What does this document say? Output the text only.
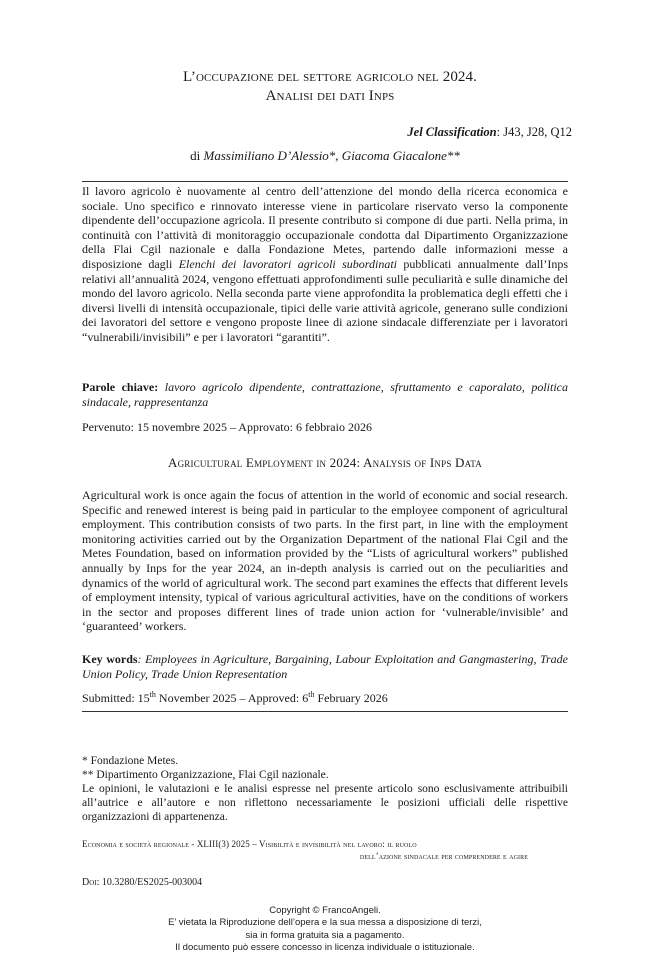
L’occupazione del settore agricolo nel 2024.
Analisi dei dati Inps
Jel Classification: J43, J28, Q12
di Massimiliano D’Alessio*, Giacoma Giacalone**
Il lavoro agricolo è nuovamente al centro dell’attenzione del mondo della ricerca economica e sociale. Uno specifico e rinnovato interesse viene in particolare riservato verso la componente dipendente dell’occupazione agricola. Il presente contributo si compone di due parti. Nella prima, in continuità con l’attività di monitoraggio occupazionale condotta dal Dipartimento Organizzazione della Flai Cgil nazionale e dalla Fondazione Metes, partendo dalle informazioni messe a disposizione dagli Elenchi dei lavoratori agricoli subordinati pubblicati annualmente dall’Inps relativi all’annualità 2024, vengono effettuati approfondimenti sulle peculiarità e sulle dinamiche del mondo del lavoro agricolo. Nella seconda parte viene approfondita la problematica degli effetti che i diversi livelli di intensità occupazionale, tipici delle varie attività agricole, generano sulle condizioni dei lavoratori del settore e vengono proposte linee di azione sindacale differenziate per i lavoratori “vulnerabili/invisibili” e per i lavoratori “garantiti”.
Parole chiave: lavoro agricolo dipendente, contrattazione, sfruttamento e caporalato, politica sindacale, rappresentanza
Pervenuto: 15 novembre 2025 – Approvato: 6 febbraio 2026
Agricultural Employment in 2024: Analysis of Inps Data
Agricultural work is once again the focus of attention in the world of economic and social research. Specific and renewed interest is being paid in particular to the employee component of agricultural employment. This contribution consists of two parts. In the first part, in line with the employment monitoring activities carried out by the Organization Department of the national Flai Cgil and the Metes Foundation, based on information provided by the “Lists of agricultural workers” published annually by Inps for the year 2024, an in-depth analysis is carried out on the peculiarities and dynamics of the world of agricultural work. The second part examines the effects that different levels of employment intensity, typical of various agricultural activities, have on the conditions of workers in the sector and proposes different lines of trade union action for ‘vulnerable/invisible’ and ‘guaranteed’ workers.
Key words: Employees in Agriculture, Bargaining, Labour Exploitation and Gangmastering, Trade Union Policy, Trade Union Representation
Submitted: 15th November 2025 – Approved: 6th February 2026
* Fondazione Metes.
** Dipartimento Organizzazione, Flai Cgil nazionale.
Le opinioni, le valutazioni e le analisi espresse nel presente articolo sono esclusivamente attribuibili all’autrice e all’autore e non riflettono necessariamente le posizioni ufficiali delle rispettive organizzazioni di appartenenza.
Economia e società regionale - XLIII(3) 2025 – Visibilità e invisibilità nel lavoro: il ruolo
dell’azione sindacale per comprendere e agire
Doi: 10.3280/ES2025-003004
Copyright © FrancoAngeli.
E’ vietata la Riproduzione dell’opera e la sua messa a disposizione di terzi,
sia in forma gratuita sia a pagamento.
Il documento può essere concesso in licenza individuale o istituzionale.
